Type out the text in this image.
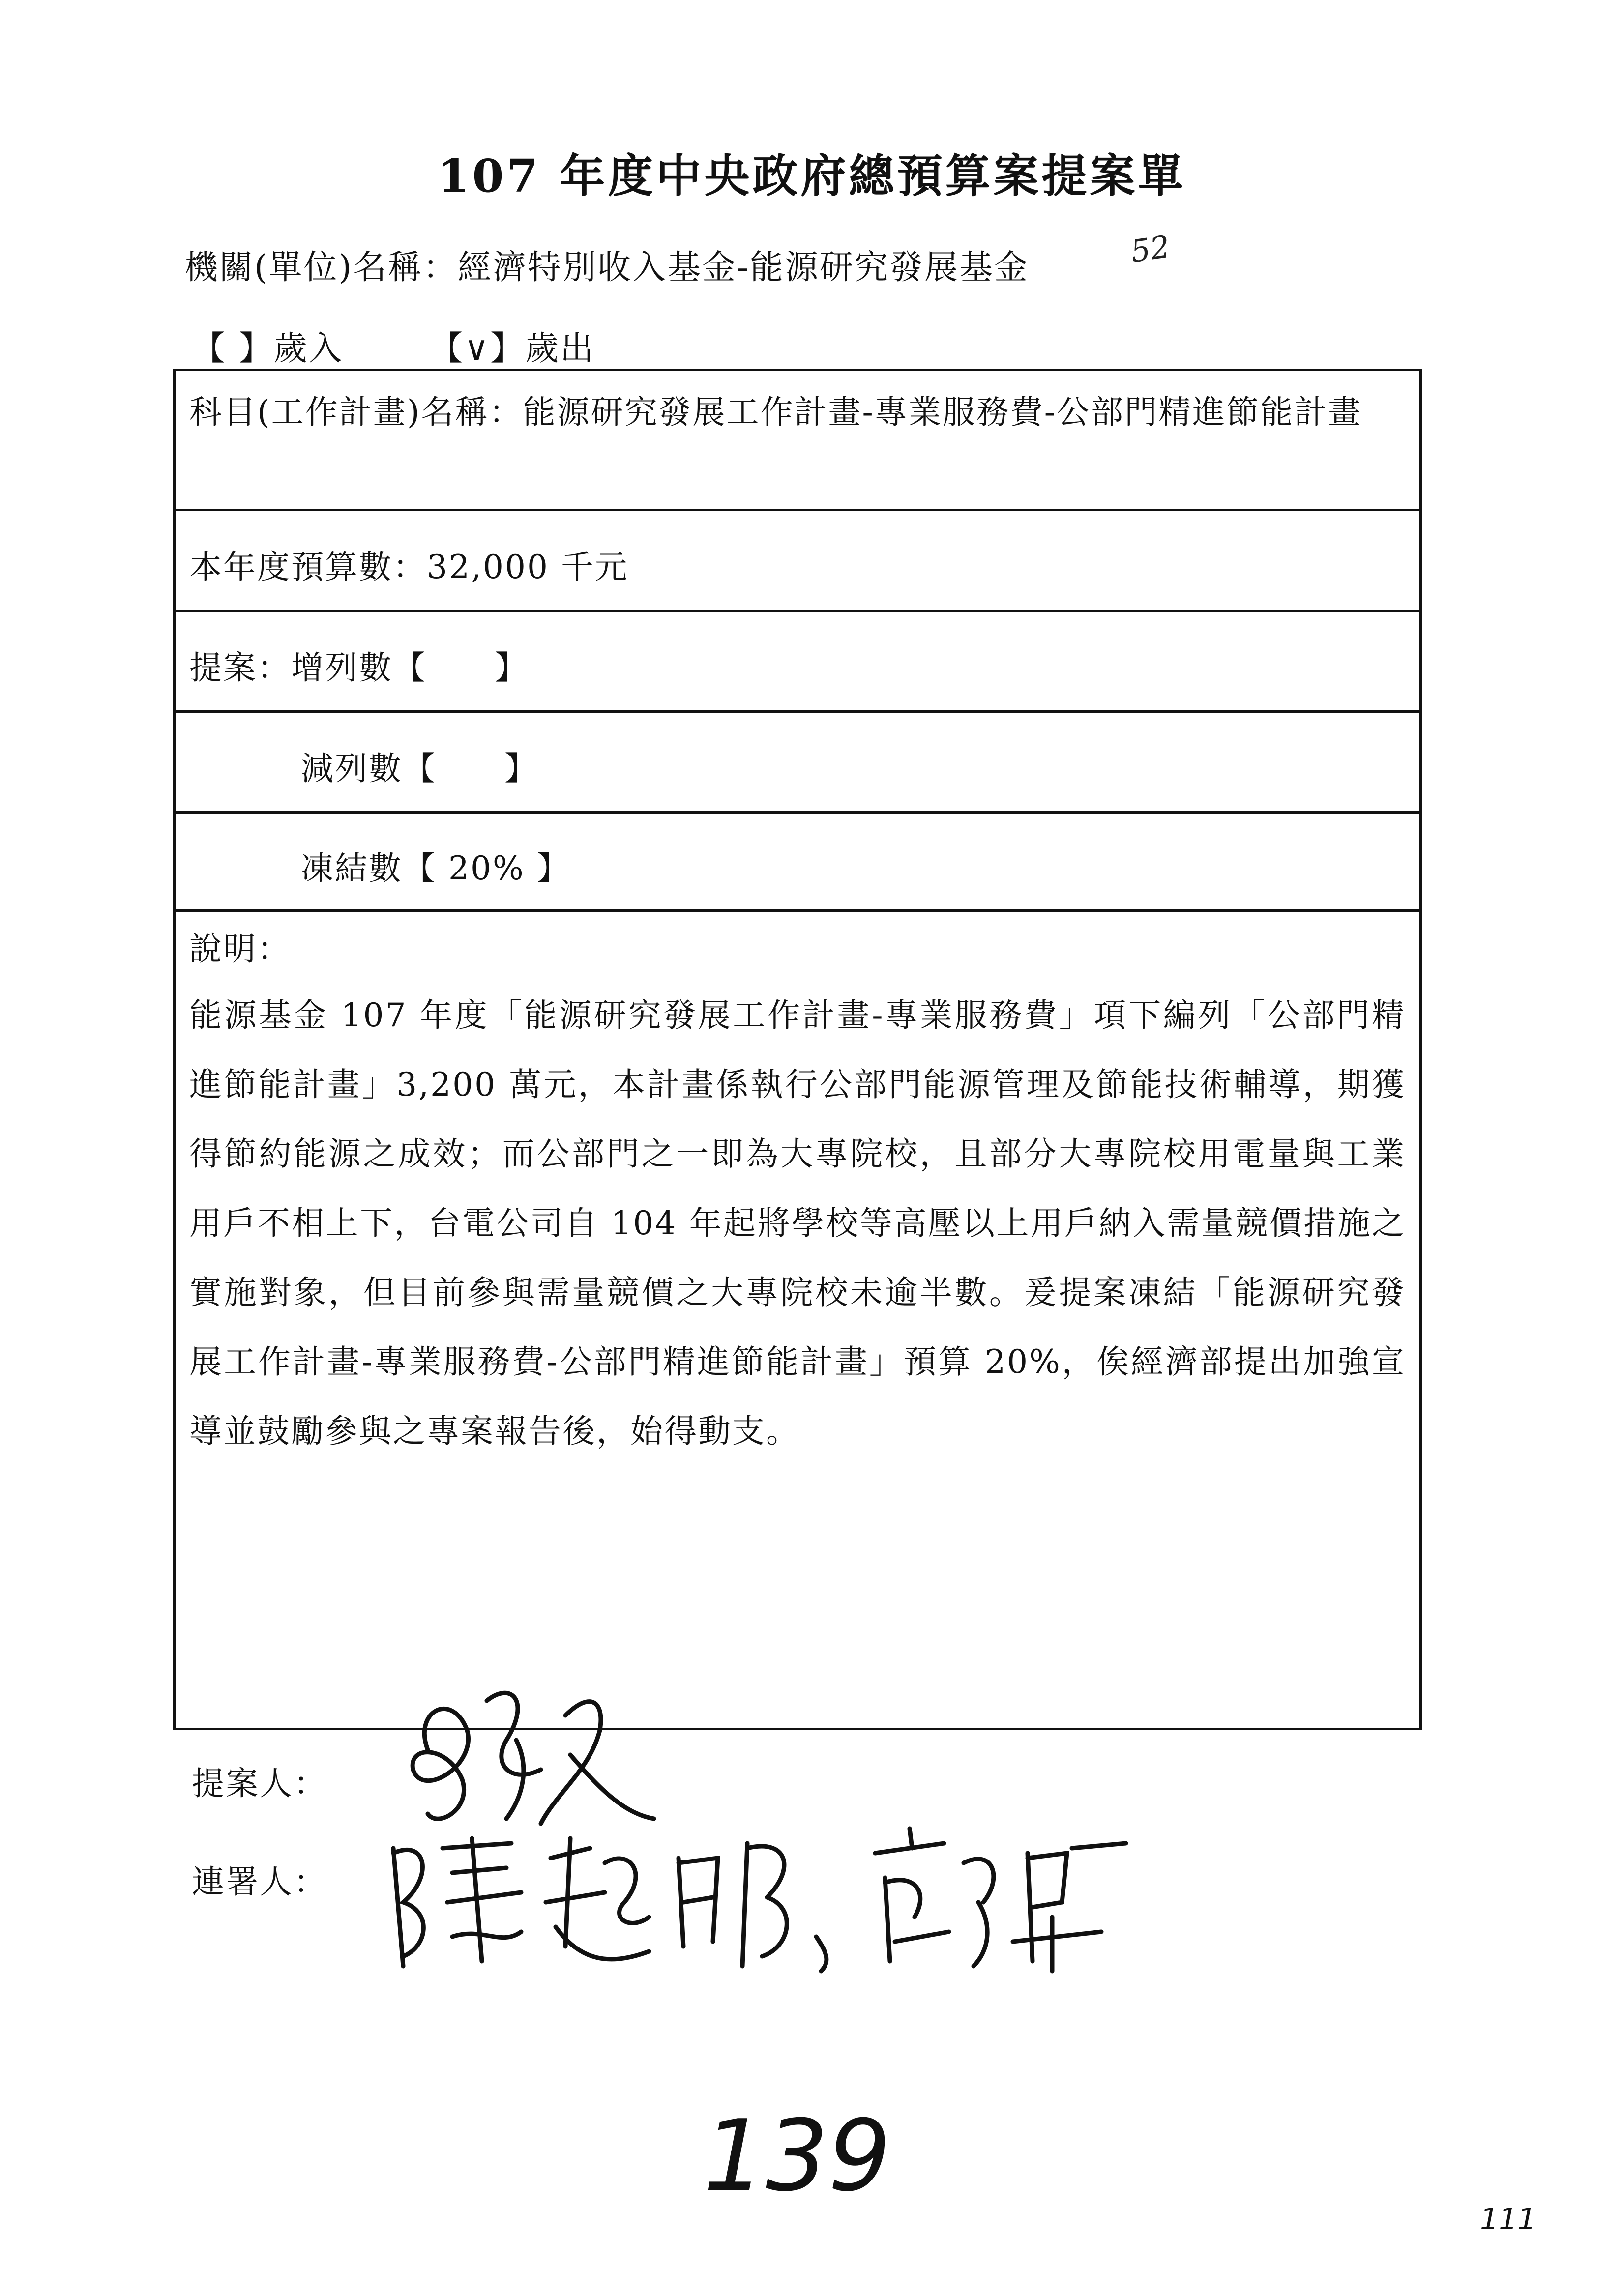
107 年度中央政府總預算案提案單
機關(單位)名稱：經濟特別收入基金-能源研究發展基金	52
【 】歲入	【∨】歲出
科目(工作計畫)名稱：能源研究發展工作計畫-專業服務費-公部門精進節能計畫
本年度預算數：32,000 千元
提案：增列數【　　】
減列數【　　】
凍結數【 20% 】
說明：
能源基金 107 年度「能源研究發展工作計畫-專業服務費」項下編列「公部門精進節能計畫」3,200 萬元，本計畫係執行公部門能源管理及節能技術輔導，期獲得節約能源之成效；而公部門之一即為大專院校，且部分大專院校用電量與工業用戶不相上下，台電公司自 104 年起將學校等高壓以上用戶納入需量競價措施之實施對象，但目前參與需量競價之大專院校未逾半數。爰提案凍結「能源研究發展工作計畫-專業服務費-公部門精進節能計畫」預算 20%，俟經濟部提出加強宣導並鼓勵參與之專案報告後，始得動支。
提案人：
連署人：
139
111
